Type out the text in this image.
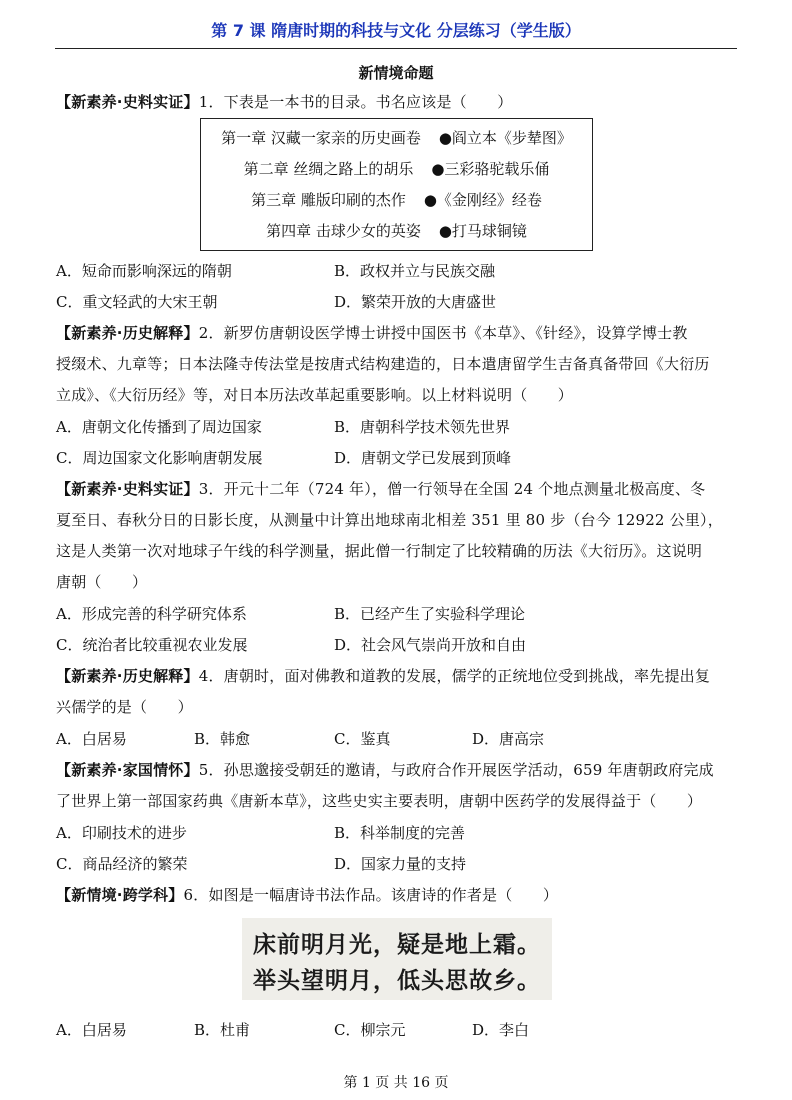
第 7 课 隋唐时期的科技与文化 分层练习（学生版）
新情境命题
【新素养·史料实证】1．下表是一本书的目录。书名应该是（　　）
第一章 汉藏一家亲的历史画卷 ●阎立本《步辇图》
第二章 丝绸之路上的胡乐 ●三彩骆驼载乐俑
第三章 雕版印刷的杰作 ●《金刚经》经卷
第四章 击球少女的英姿 ●打马球铜镜
A．短命而影响深远的隋朝	B．政权并立与民族交融
C．重文轻武的大宋王朝	D．繁荣开放的大唐盛世
【新素养·历史解释】2．新罗仿唐朝设医学博士讲授中国医书《本草》、《针经》，设算学博士教
授缀术、九章等；日本法隆寺传法堂是按唐式结构建造的，日本遣唐留学生吉备真备带回《大衍历
立成》、《大衍历经》等，对日本历法改革起重要影响。以上材料说明（　　）
A．唐朝文化传播到了周边国家	B．唐朝科学技术领先世界
C．周边国家文化影响唐朝发展	D．唐朝文学已发展到顶峰
【新素养·史料实证】3．开元十二年（724 年），僧一行领导在全国 24 个地点测量北极高度、冬
夏至日、春秋分日的日影长度，从测量中计算出地球南北相差 351 里 80 步（台今 12922 公里），
这是人类第一次对地球子午线的科学测量，据此僧一行制定了比较精确的历法《大衍历》。这说明
唐朝（　　）
A．形成完善的科学研究体系	B．已经产生了实验科学理论
C．统治者比较重视农业发展	D．社会风气崇尚开放和自由
【新素养·历史解释】4．唐朝时，面对佛教和道教的发展，儒学的正统地位受到挑战，率先提出复
兴儒学的是（　　）
A．白居易	B．韩愈	C．鉴真	D．唐高宗
【新素养·家国情怀】5．孙思邈接受朝廷的邀请，与政府合作开展医学活动，659 年唐朝政府完成
了世界上第一部国家药典《唐新本草》，这些史实主要表明，唐朝中医药学的发展得益于（　　）
A．印刷技术的进步	B．科举制度的完善
C．商品经济的繁荣	D．国家力量的支持
【新情境·跨学科】6．如图是一幅唐诗书法作品。该唐诗的作者是（　　）
床前明月光，疑是地上霜。
举头望明月，低头思故乡。
A．白居易	B．杜甫	C．柳宗元	D．李白
第 1 页 共 16 页
